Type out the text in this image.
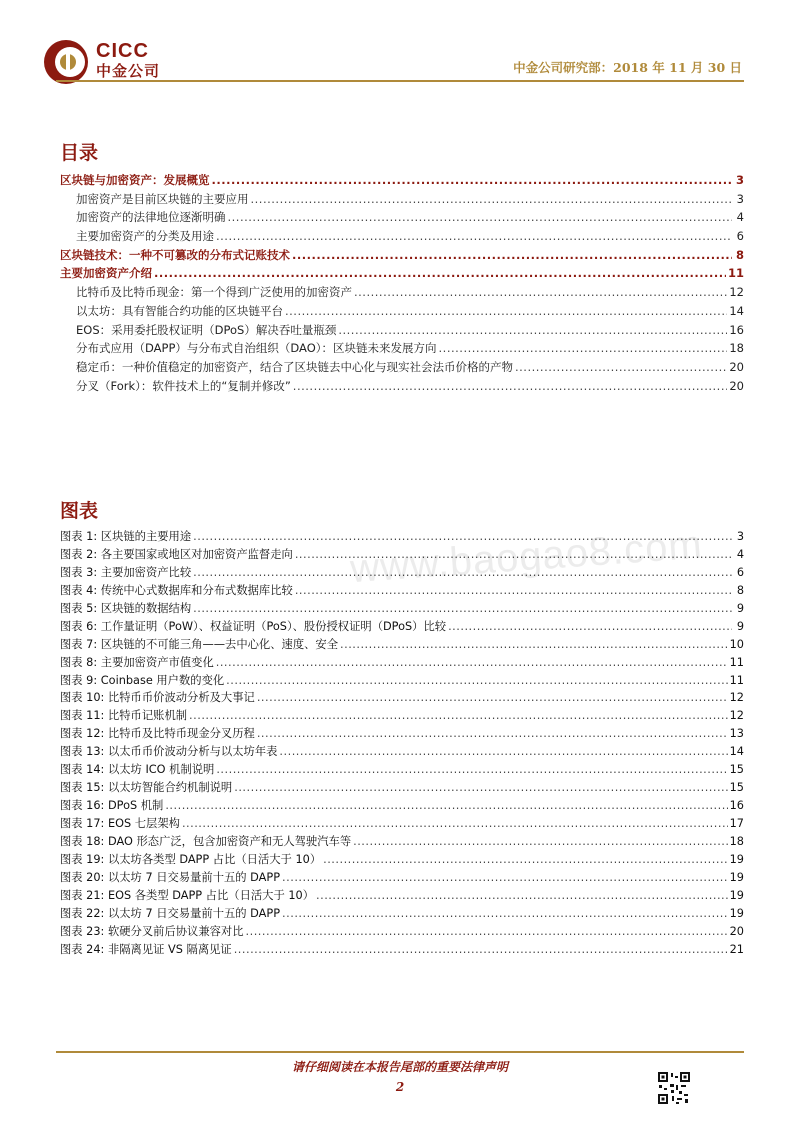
CICC
中金公司	中金公司研究部：2018 年 11 月 30 日
目录
区块链与加密资产：发展概览 .....	3
加密资产是目前区块链的主要应用 .....	3
加密资产的法律地位逐渐明确 .....	4
主要加密资产的分类及用途 .....	6
区块链技术：一种不可篡改的分布式记账技术 .....	8
主要加密资产介绍 .....	11
比特币及比特币现金：第一个得到广泛使用的加密资产 .....	12
以太坊：具有智能合约功能的区块链平台 .....	14
EOS：采用委托股权证明（DPoS）解决吞吐量瓶颈 .....	16
分布式应用（DAPP）与分布式自治组织（DAO）：区块链未来发展方向 .....	18
稳定币：一种价值稳定的加密资产，结合了区块链去中心化与现实社会法币价格的产物 .....	20
分叉（Fork）：软件技术上的“复制并修改” .....	20
图表
www.baogao8.com
图表 1: 区块链的主要用途 .....	3
图表 2: 各主要国家或地区对加密资产监督走向 .....	4
图表 3: 主要加密资产比较 .....	6
图表 4: 传统中心式数据库和分布式数据库比较 .....	8
图表 5: 区块链的数据结构 .....	9
图表 6: 工作量证明（PoW）、权益证明（PoS）、股份授权证明（DPoS）比较 .....	9
图表 7: 区块链的不可能三角——去中心化、速度、安全 .....	10
图表 8: 主要加密资产市值变化 .....	11
图表 9: Coinbase 用户数的变化 .....	11
图表 10: 比特币币价波动分析及大事记 .....	12
图表 11: 比特币记账机制 .....	12
图表 12: 比特币及比特币现金分叉历程 .....	13
图表 13: 以太币币价波动分析与以太坊年表 .....	14
图表 14: 以太坊 ICO 机制说明 .....	15
图表 15: 以太坊智能合约机制说明 .....	15
图表 16: DPoS 机制 .....	16
图表 17: EOS 七层架构 .....	17
图表 18: DAO 形态广泛，包含加密资产和无人驾驶汽车等 .....	18
图表 19: 以太坊各类型 DAPP 占比（日活大于 10） .....	19
图表 20: 以太坊 7 日交易量前十五的 DAPP .....	19
图表 21: EOS 各类型 DAPP 占比（日活大于 10） .....	19
图表 22: 以太坊 7 日交易量前十五的 DAPP .....	19
图表 23: 软硬分叉前后协议兼容对比 .....	20
图表 24: 非隔离见证 VS 隔离见证 .....	21
请仔细阅读在本报告尾部的重要法律声明
2
